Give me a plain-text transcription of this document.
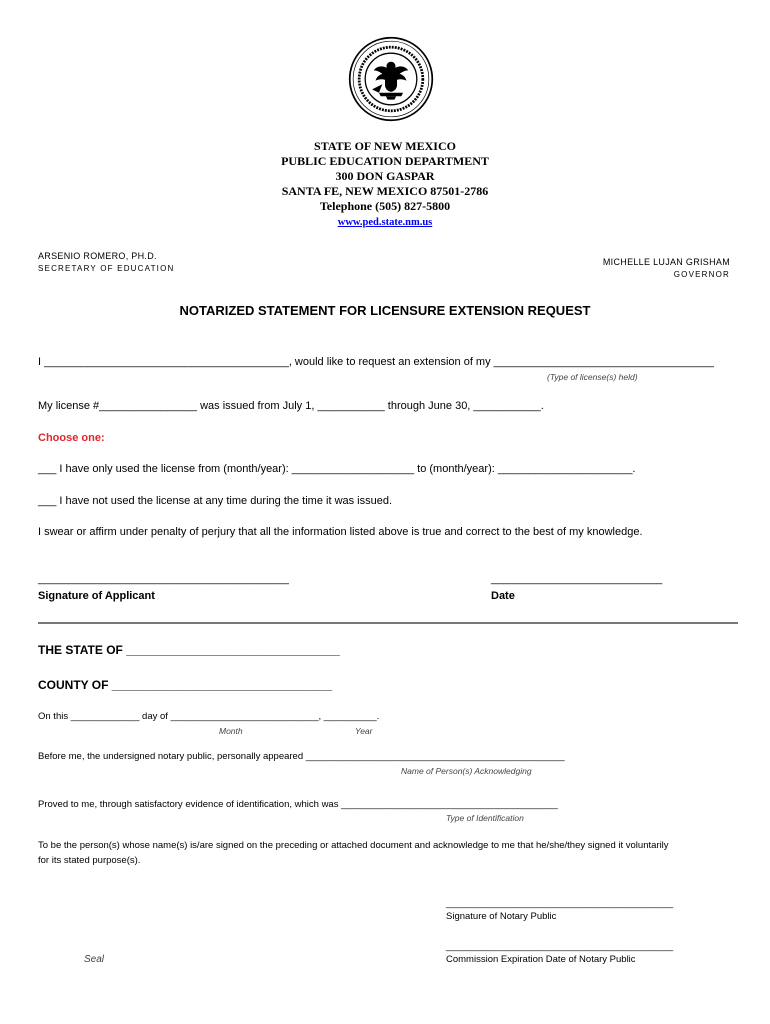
STATE OF NEW MEXICO
PUBLIC EDUCATION DEPARTMENT
300 DON GASPAR
SANTA FE, NEW MEXICO 87501-2786
Telephone (505) 827-5800
www.ped.state.nm.us
ARSENIO ROMERO, PH.D.
SECRETARY OF EDUCATION
MICHELLE LUJAN GRISHAM
GOVERNOR
NOTARIZED STATEMENT FOR LICENSURE EXTENSION REQUEST
I ________________________________________, would like to request an extension of my ____________________________________
(Type of license(s) held)
My license #________________ was issued from July 1, ___________ through June 30, ___________.
Choose one:
___ I have only used the license from (month/year): ____________________ to (month/year): ______________________.
___ I have not used the license at any time during the time it was issued.
I swear or affirm under penalty of perjury that all the information listed above is true and correct to the best of my knowledge.
_________________________________________
Signature of Applicant
____________________________
Date
THE STATE OF ________________________________
COUNTY OF _________________________________
On this _____________ day of ____________________________, __________.
Month	Year
Before me, the undersigned notary public, personally appeared _________________________________________________
Name of Person(s) Acknowledging
Proved to me, through satisfactory evidence of identification, which was _________________________________________
Type of Identification
To be the person(s) whose name(s) is/are signed on the preceding or attached document and acknowledge to me that he/she/they signed it voluntarily
for its stated purpose(s).
___________________________________________
Signature of Notary Public
___________________________________________
Commission Expiration Date of Notary Public
Seal
